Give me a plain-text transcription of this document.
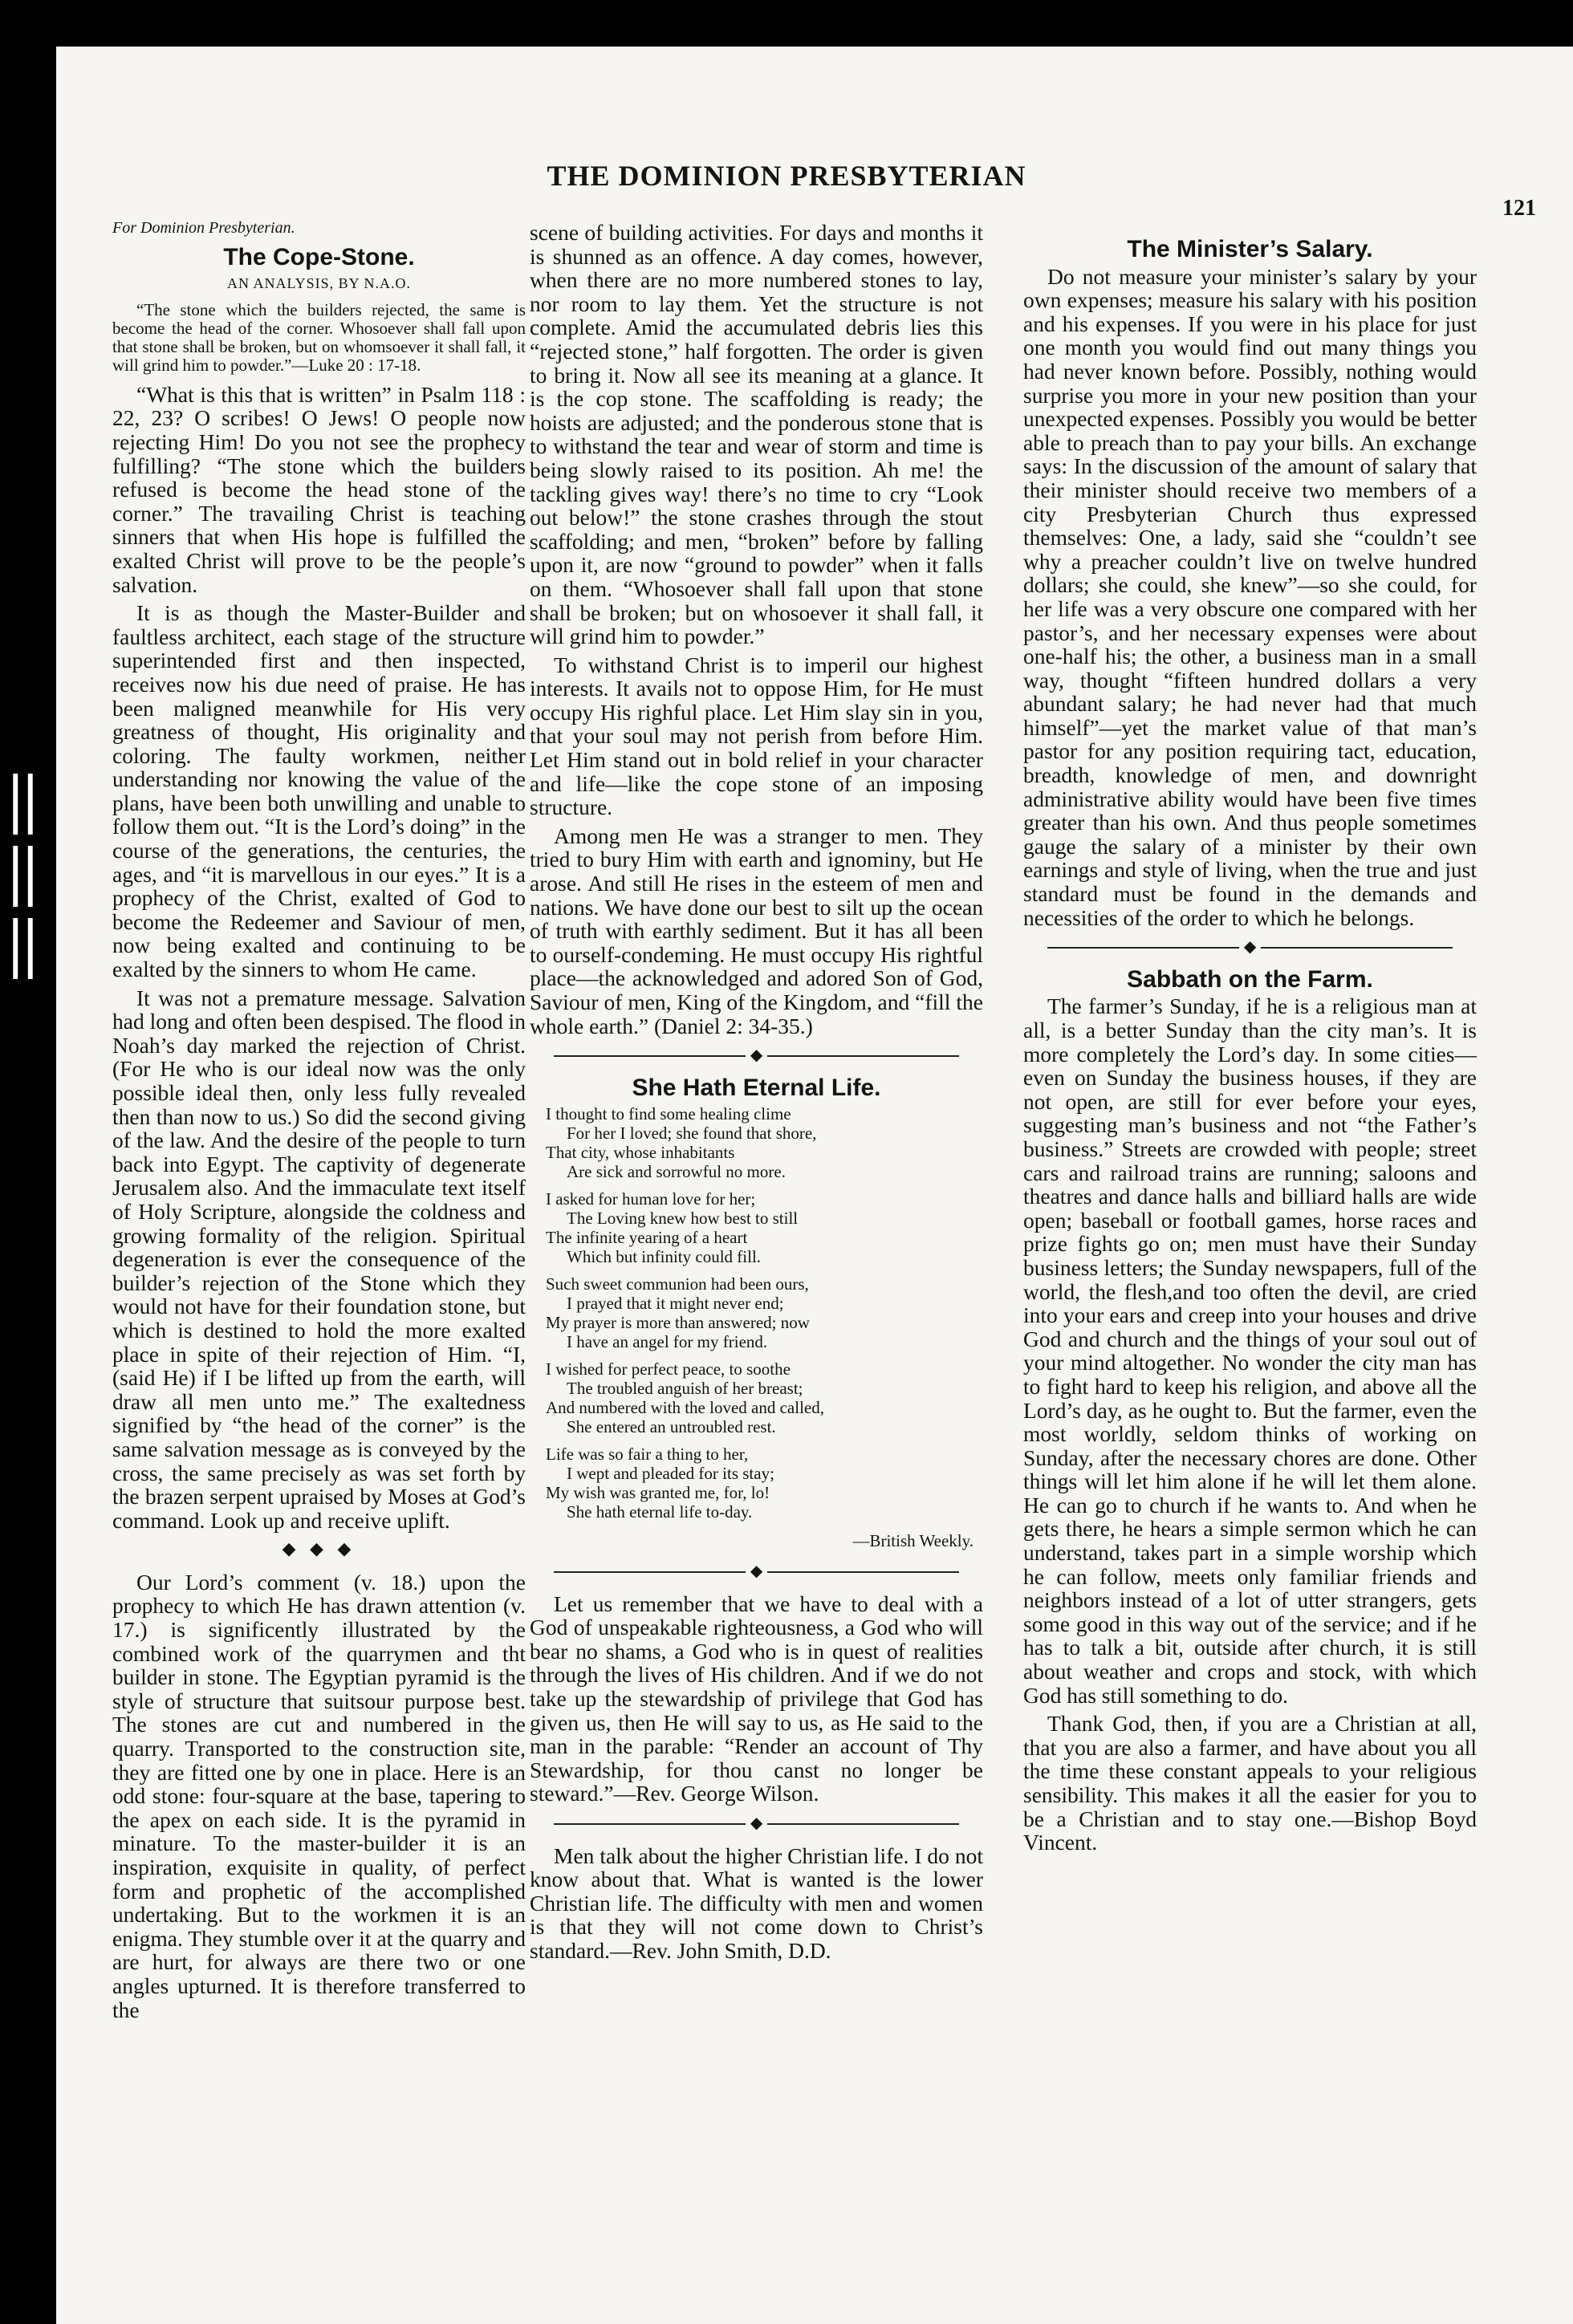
||
||
||
THE DOMINION PRESBYTERIAN
121

For Dominion Presbyterian.

The Cope-Stone.

AN ANALYSIS, BY N.A.O.

“The stone which the builders rejected, the same is become the head of the corner. Whosoever shall fall upon that stone shall be broken, but on whomsoever it shall fall, it will grind him to powder.”—Luke 20 : 17-18.

“What is this that is written” in Psalm 118 : 22, 23? O scribes! O Jews! O people now rejecting Him! Do you not see the prophecy fulfilling? “The stone which the builders refused is become the head stone of the corner.” The travailing Christ is teaching sinners that when His hope is fulfilled the exalted Christ will prove to be the people’s salvation.

It is as though the Master-Builder and faultless architect, each stage of the structure superintended first and then inspected, receives now his due need of praise. He has been maligned meanwhile for His very greatness of thought, His originality and coloring. The faulty workmen, neither understanding nor knowing the value of the plans, have been both unwilling and unable to follow them out. “It is the Lord’s doing” in the course of the generations, the centuries, the ages, and “it is marvellous in our eyes.” It is a prophecy of the Christ, exalted of God to become the Redeemer and Saviour of men, now being exalted and continuing to be exalted by the sinners to whom He came.

It was not a premature message. Salvation had long and often been despised. The flood in Noah’s day marked the rejection of Christ. (For He who is our ideal now was the only possible ideal then, only less fully revealed then than now to us.) So did the second giving of the law. And the desire of the people to turn back into Egypt. The captivity of degenerate Jerusalem also. And the immaculate text itself of Holy Scripture, alongside the coldness and growing formality of the religion. Spiritual degeneration is ever the consequence of the builder’s rejection of the Stone which they would not have for their foundation stone, but which is destined to hold the more exalted place in spite of their rejection of Him. “I, (said He) if I be lifted up from the earth, will draw all men unto me.” The exaltedness signified by “the head of the corner” is the same salvation message as is conveyed by the cross, the same precisely as was set forth by the brazen serpent upraised by Moses at God’s command. Look up and receive uplift.

◆ ◆ ◆

Our Lord’s comment (v. 18.) upon the prophecy to which He has drawn attention (v. 17.) is significently illustrated by the combined work of the quarrymen and tht builder in stone. The Egyptian pyramid is the style of structure that suitsour purpose best. The stones are cut and numbered in the quarry. Transported to the construction site, they are fitted one by one in place. Here is an odd stone: four-square at the base, tapering to the apex on each side. It is the pyramid in minature. To the master-builder it is an inspiration, exquisite in quality, of perfect form and prophetic of the accomplished undertaking. But to the workmen it is an enigma. They stumble over it at the quarry and are hurt, for always are there two or one angles upturned. It is therefore transferred to the

scene of building activities. For days and months it is shunned as an offence. A day comes, however, when there are no more numbered stones to lay, nor room to lay them. Yet the structure is not complete. Amid the accumulated debris lies this “rejected stone,” half forgotten. The order is given to bring it. Now all see its meaning at a glance. It is the cop stone. The scaffolding is ready; the hoists are adjusted; and the ponderous stone that is to withstand the tear and wear of storm and time is being slowly raised to its position. Ah me! the tackling gives way! there’s no time to cry “Look out below!” the stone crashes through the stout scaffolding; and men, “broken” before by falling upon it, are now “ground to powder” when it falls on them. “Whosoever shall fall upon that stone shall be broken; but on whosoever it shall fall, it will grind him to powder.”

To withstand Christ is to imperil our highest interests. It avails not to oppose Him, for He must occupy His righful place. Let Him slay sin in you, that your soul may not perish from before Him. Let Him stand out in bold relief in your character and life—like the cope stone of an imposing structure.

Among men He was a stranger to men. They tried to bury Him with earth and ignominy, but He arose. And still He rises in the esteem of men and nations. We have done our best to silt up the ocean of truth with earthly sediment. But it has all been to ourself-condeming. He must occupy His rightful place—the acknowledged and adored Son of God, Saviour of men, King of the Kingdom, and “fill the whole earth.” (Daniel 2: 34-35.)

◆
She Hath Eternal Life.
I thought to find some healing clime
For her I loved; she found that shore,
That city, whose inhabitants
Are sick and sorrowful no more.
I asked for human love for her;
The Loving knew how best to still
The infinite yearing of a heart
Which but infinity could fill.
Such sweet communion had been ours,
I prayed that it might never end;
My prayer is more than answered; now
I have an angel for my friend.
I wished for perfect peace, to soothe
The troubled anguish of her breast;
And numbered with the loved and called,
She entered an untroubled rest.
Life was so fair a thing to her,
I wept and pleaded for its stay;
My wish was granted me, for, lo!
She hath eternal life to-day.
—British Weekly.
◆

Let us remember that we have to deal with a God of unspeakable righteousness, a God who will bear no shams, a God who is in quest of realities through the lives of His children. And if we do not take up the stewardship of privilege that God has given us, then He will say to us, as He said to the man in the parable: “Render an account of Thy Stewardship, for thou canst no longer be steward.”—Rev. George Wilson.

◆

Men talk about the higher Christian life. I do not know about that. What is wanted is the lower Christian life. The difficulty with men and women is that they will not come down to Christ’s standard.—Rev. John Smith, D.D.

The Minister’s Salary.

Do not measure your minister’s salary by your own expenses; measure his salary with his position and his expenses. If you were in his place for just one month you would find out many things you had never known before. Possibly, nothing would surprise you more in your new position than your unexpected expenses. Possibly you would be better able to preach than to pay your bills. An exchange says: In the discussion of the amount of salary that their minister should receive two members of a city Presbyterian Church thus expressed themselves: One, a lady, said she “couldn’t see why a preacher couldn’t live on twelve hundred dollars; she could, she knew”—so she could, for her life was a very obscure one compared with her pastor’s, and her necessary expenses were about one-half his; the other, a business man in a small way, thought “fifteen hundred dollars a very abundant salary; he had never had that much himself”—yet the market value of that man’s pastor for any position requiring tact, education, breadth, knowledge of men, and downright administrative ability would have been five times greater than his own. And thus people sometimes gauge the salary of a minister by their own earnings and style of living, when the true and just standard must be found in the demands and necessities of the order to which he belongs.

◆
Sabbath on the Farm.

The farmer’s Sunday, if he is a religious man at all, is a better Sunday than the city man’s. It is more completely the Lord’s day. In some cities—even on Sunday the business houses, if they are not open, are still for ever before your eyes, suggesting man’s business and not “the Father’s business.” Streets are crowded with people; street cars and railroad trains are running; saloons and theatres and dance halls and billiard halls are wide open; baseball or football games, horse races and prize fights go on; men must have their Sunday business letters; the Sunday newspapers, full of the world, the flesh,and too often the devil, are cried into your ears and creep into your houses and drive God and church and the things of your soul out of your mind altogether. No wonder the city man has to fight hard to keep his religion, and above all the Lord’s day, as he ought to. But the farmer, even the most worldly, seldom thinks of working on Sunday, after the necessary chores are done. Other things will let him alone if he will let them alone. He can go to church if he wants to. And when he gets there, he hears a simple sermon which he can understand, takes part in a simple worship which he can follow, meets only familiar friends and neighbors instead of a lot of utter strangers, gets some good in this way out of the service; and if he has to talk a bit, outside after church, it is still about weather and crops and stock, with which God has still something to do.

Thank God, then, if you are a Christian at all, that you are also a farmer, and have about you all the time these constant appeals to your religious sensibility. This makes it all the easier for you to be a Christian and to stay one.—Bishop Boyd Vincent.
